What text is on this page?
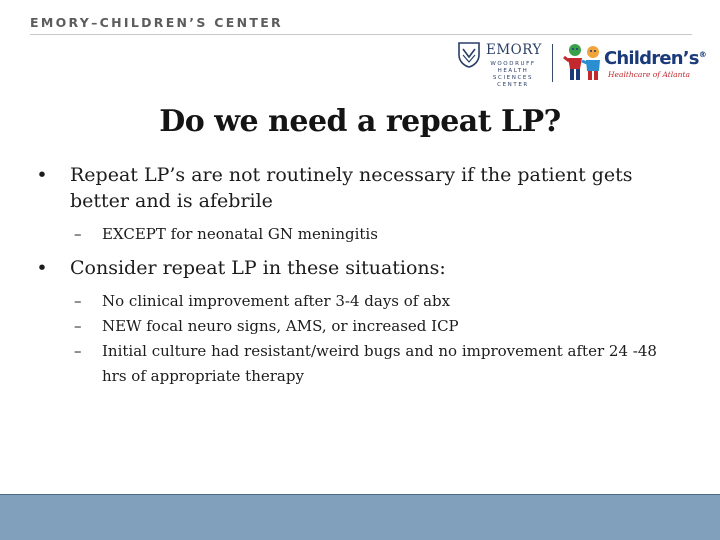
EMORY–CHILDREN’S CENTER
EMORY
WOODRUFF HEALTH SCIENCES CENTER
Children’s®
Healthcare of Atlanta
Do we need a repeat LP?
• Repeat LP’s are not routinely necessary if the patient gets better and is afebrile
– EXCEPT for neonatal GN meningitis
• Consider repeat LP in these situations:
– No clinical improvement after 3-4 days of abx
– NEW focal neuro signs, AMS, or increased ICP
– Initial culture had resistant/weird bugs and no improvement after 24 -48 hrs of appropriate therapy
